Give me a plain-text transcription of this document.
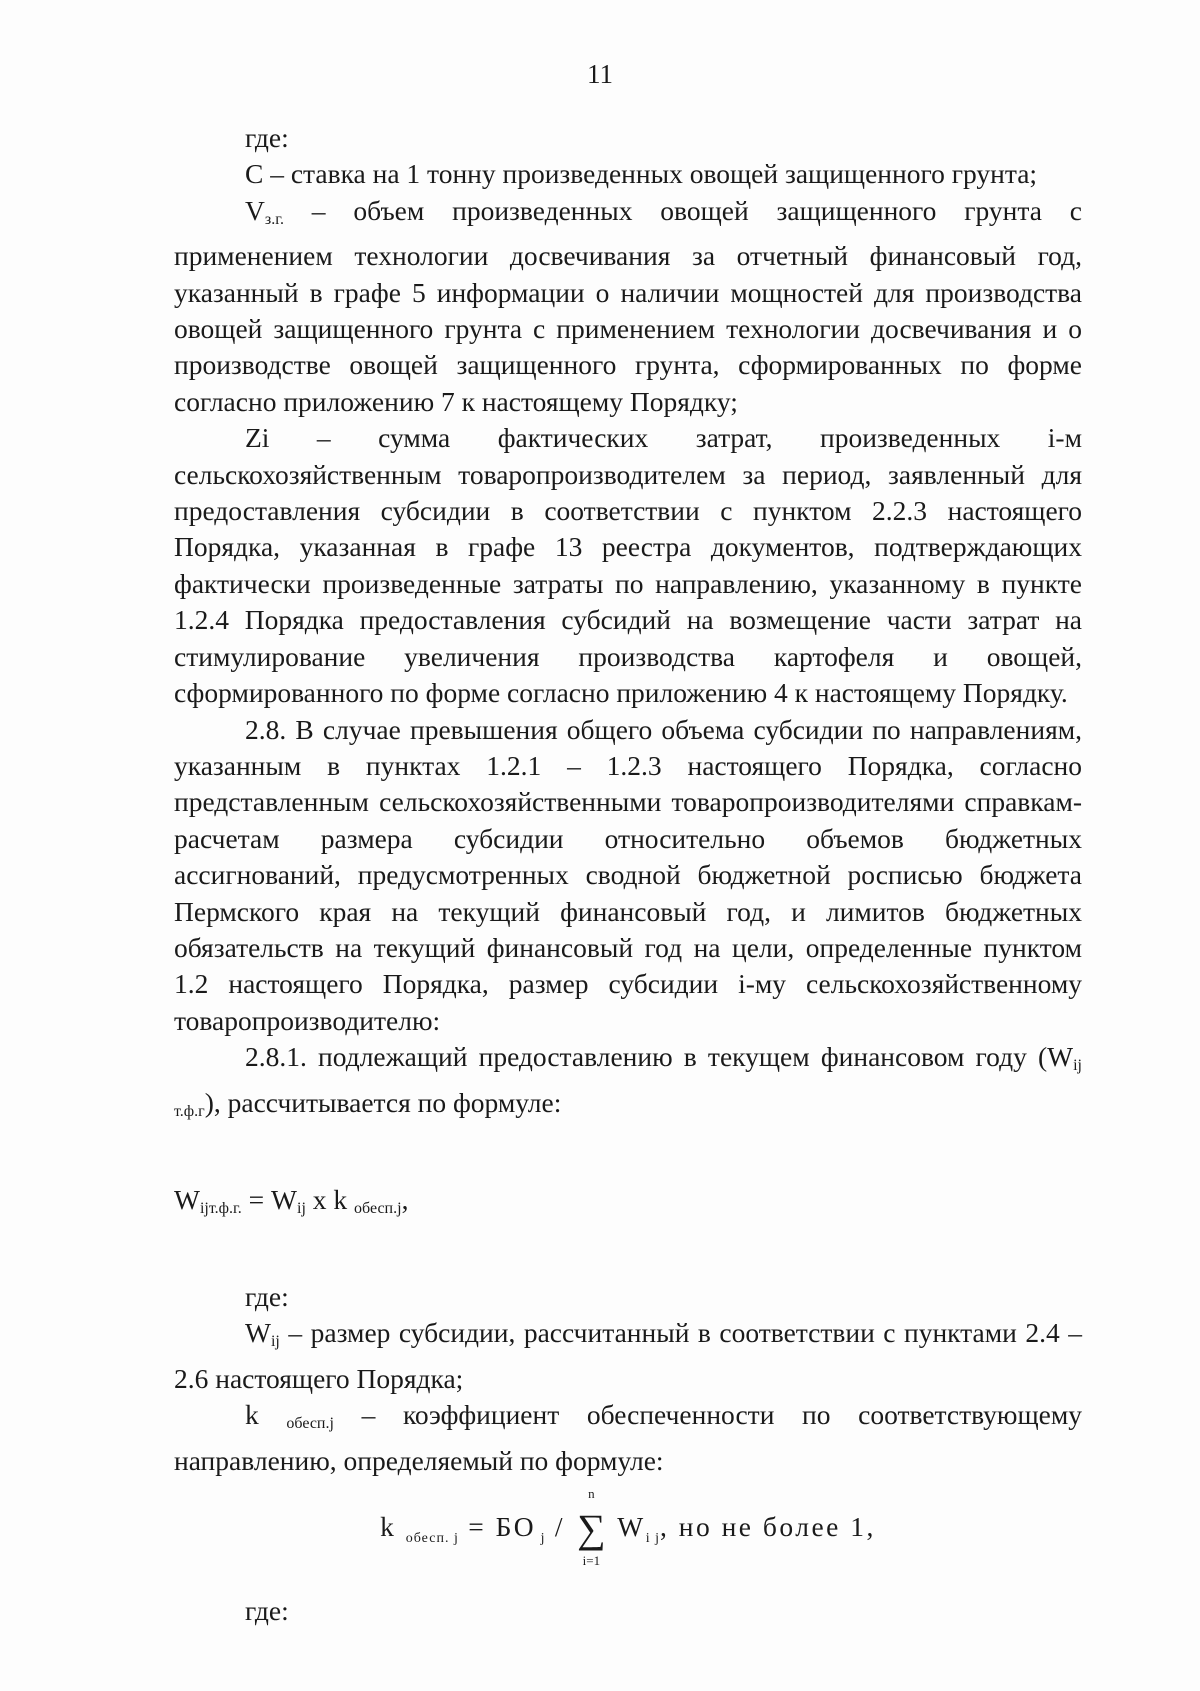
11

где:

С – ставка на 1 тонну произведенных овощей защищенного грунта;

$V_{з.г.}$ – объем произведенных овощей защищенного грунта с применением технологии досвечивания за отчетный финансовый год, указанный в графе 5 информации о наличии мощностей для производства овощей защищенного грунта с применением технологии досвечивания и о производстве овощей защищенного грунта, сформированных по форме согласно приложению 7 к настоящему Порядку;

Zi – сумма фактических затрат, произведенных i-м сельскохозяйственным товаропроизводителем за период, заявленный для предоставления субсидии в соответствии с пунктом 2.2.3 настоящего Порядка, указанная в графе 13 реестра документов, подтверждающих фактически произведенные затраты по направлению, указанному в пункте 1.2.4 Порядка предоставления субсидий на возмещение части затрат на стимулирование увеличения производства картофеля и овощей, сформированного по форме согласно приложению 4 к настоящему Порядку.

2.8. В случае превышения общего объема субсидии по направлениям, указанным в пунктах 1.2.1 – 1.2.3 настоящего Порядка, согласно представленным сельскохозяйственными товаропроизводителями справкам-расчетам размера субсидии относительно объемов бюджетных ассигнований, предусмотренных сводной бюджетной росписью бюджета Пермского края на текущий финансовый год, и лимитов бюджетных обязательств на текущий финансовый год на цели, определенные пунктом 1.2 настоящего Порядка, размер субсидии i-му сельскохозяйственному товаропроизводителю:

2.8.1. подлежащий предоставлению в текущем финансовом году $(W_{ij т.ф.г})$, рассчитывается по формуле:

$W_{ijт.ф.г.} = W_{ij}$ х k $_{обесп.j}$,

где:

$W_{ij}$ – размер субсидии, рассчитанный в соответствии с пунктами 2.4 – 2.6 настоящего Порядка;

k $_{обесп.j}$ – коэффициент обеспеченности по соответствующему направлению, определяемый по формуле:

k $_{обесп. j}$ = БО $_j$ /
n
∑
i=1
$W_{i j}$, но не более 1,

где:
